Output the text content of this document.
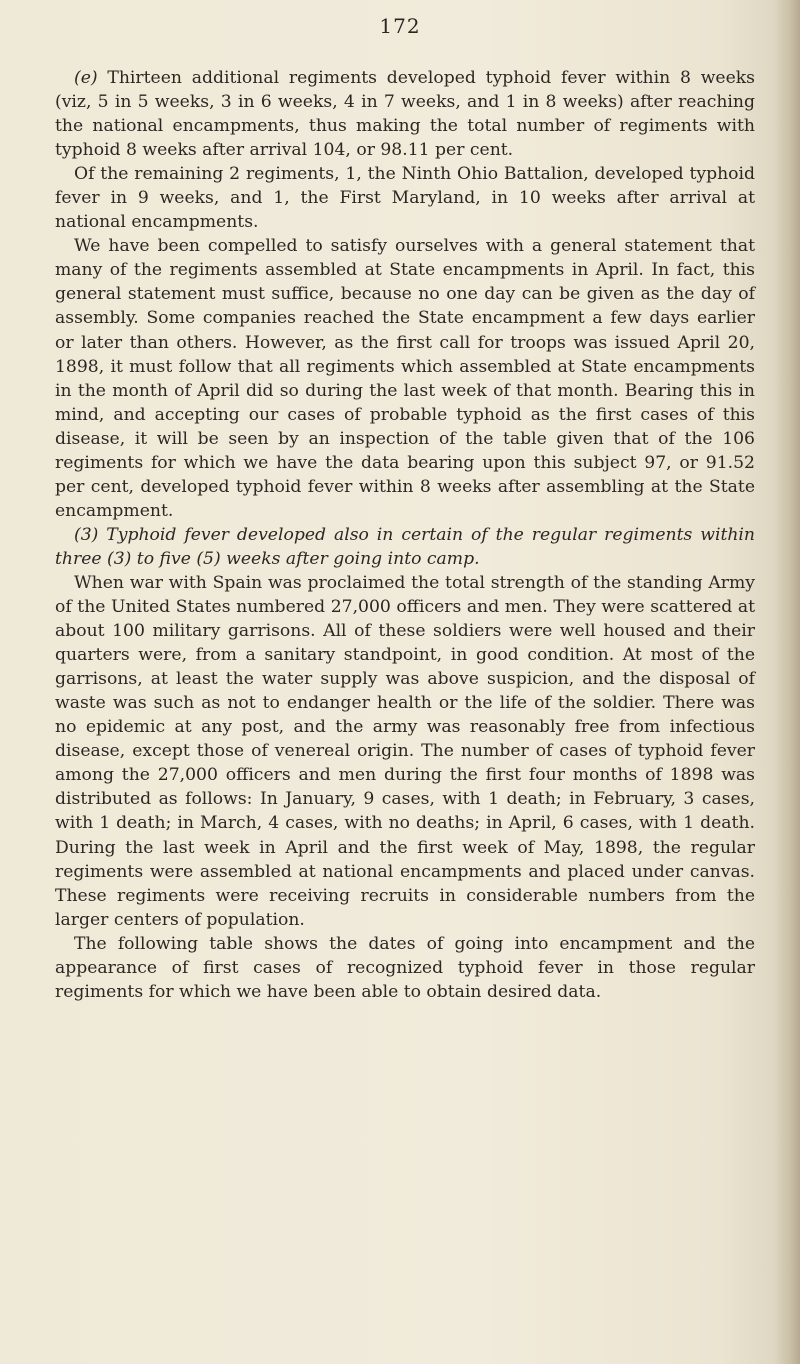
172

(e) Thirteen additional regiments developed typhoid fever within 8 weeks (viz, 5 in 5 weeks, 3 in 6 weeks, 4 in 7 weeks, and 1 in 8 weeks) after reaching the national encampments, thus making the total number of regiments with typhoid 8 weeks after arrival 104, or 98.11 per cent.

Of the remaining 2 regiments, 1, the Ninth Ohio Battalion, developed typhoid fever in 9 weeks, and 1, the First Maryland, in 10 weeks after arrival at national encampments.

We have been compelled to satisfy ourselves with a general statement that many of the regiments assembled at State encampments in April. In fact, this general statement must suffice, because no one day can be given as the day of assembly. Some companies reached the State encampment a few days earlier or later than others. However, as the first call for troops was issued April 20, 1898, it must follow that all regiments which assembled at State encampments in the month of April did so during the last week of that month. Bearing this in mind, and accepting our cases of probable typhoid as the first cases of this disease, it will be seen by an inspection of the table given that of the 106 regiments for which we have the data bearing upon this subject 97, or 91.52 per cent, developed typhoid fever within 8 weeks after assembling at the State encampment.

(3) Typhoid fever developed also in certain of the regular regiments within three (3) to five (5) weeks after going into camp.

When war with Spain was proclaimed the total strength of the standing Army of the United States numbered 27,000 officers and men. They were scattered at about 100 military garrisons. All of these soldiers were well housed and their quarters were, from a sanitary standpoint, in good condition. At most of the garrisons, at least the water supply was above suspicion, and the disposal of waste was such as not to endanger health or the life of the soldier. There was no epidemic at any post, and the army was reasonably free from infectious disease, except those of venereal origin. The number of cases of typhoid fever among the 27,000 officers and men during the first four months of 1898 was distributed as follows: In January, 9 cases, with 1 death; in February, 3 cases, with 1 death; in March, 4 cases, with no deaths; in April, 6 cases, with 1 death. During the last week in April and the first week of May, 1898, the regular regiments were assembled at national encampments and placed under canvas. These regiments were receiving recruits in considerable numbers from the larger centers of population.

The following table shows the dates of going into encampment and the appearance of first cases of recognized typhoid fever in those regular regiments for which we have been able to obtain desired data.
